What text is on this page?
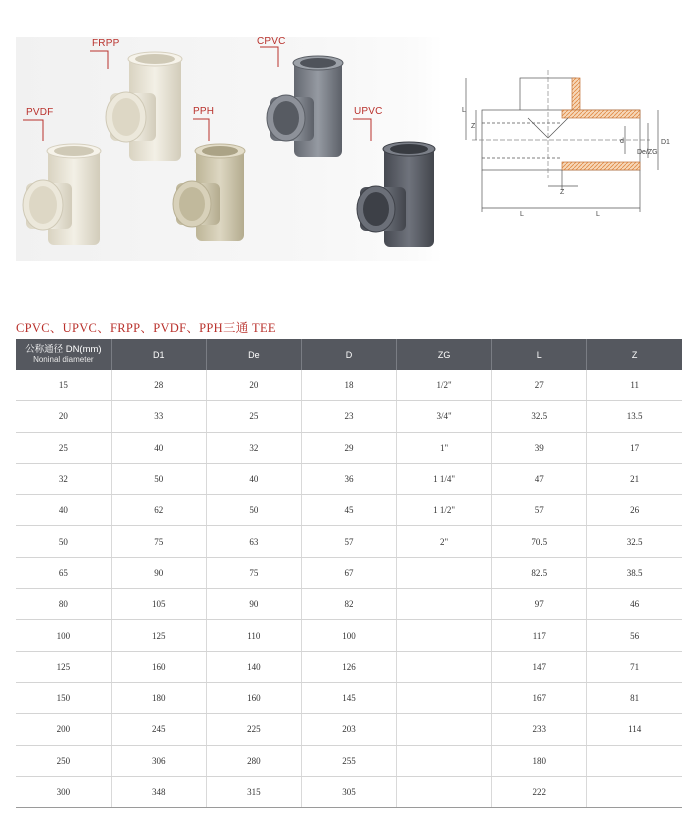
FRPP	CPVC
PVDF	PPH	UPVC	L
Z
D1
De/ZG
d
Z
L	L
CPVC、UPVC、FRPP、PVDF、PPH三通 TEE
公称通径 DN(mm)
Noninal diameter	D1	De	D	ZG	L	Z
15	28	20	18	1/2"	27	11
20	33	25	23	3/4"	32.5	13.5
25	40	32	29	1"	39	17
32	50	40	36	1 1/4"	47	21
40	62	50	45	1 1/2"	57	26
50	75	63	57	2"	70.5	32.5
65	90	75	67		82.5	38.5
80	105	90	82		97	46
100	125	110	100		117	56
125	160	140	126		147	71
150	180	160	145		167	81
200	245	225	203		233	114
250	306	280	255		180	
300	348	315	305		222	
